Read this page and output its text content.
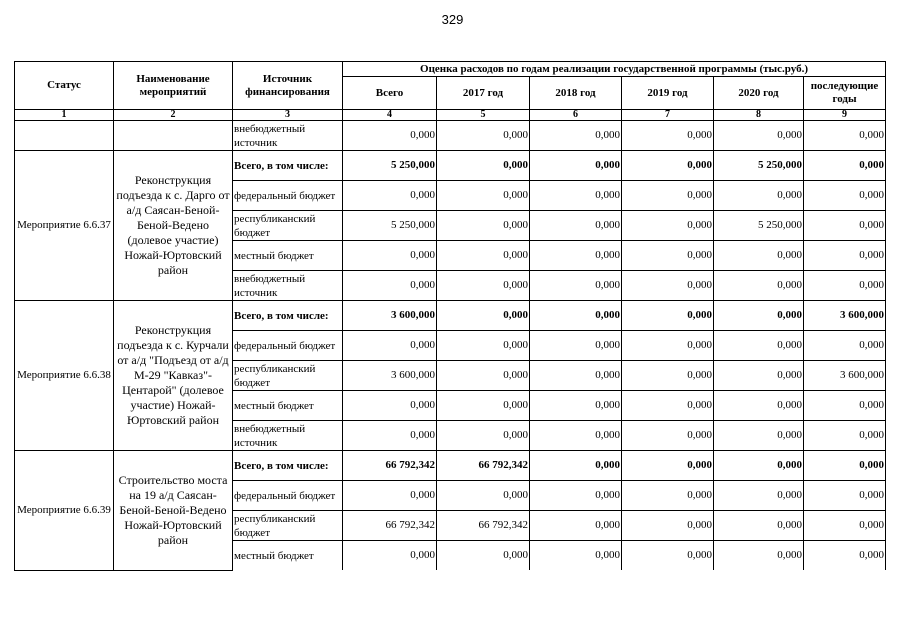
329
Статус	Наименование мероприятий	Источник финансирования	Оценка расходов по годам реализации государственной программы (тыс.руб.)					
			Всего	2017 год	2018 год	2019 год	2020 год	последующие годы
1	2	3	4	5	6	7	8	9
		внебюджетный источник	0,000	0,000	0,000	0,000	0,000	0,000
Мероприятие 6.6.37	Реконструкция подъезда к с. Дарго от а/д Саясан-Беной-Беной-Ведено (долевое участие) Ножай-Юртовский район	Всего, в том числе:	5 250,000	0,000	0,000	0,000	5 250,000	0,000
		федеральный бюджет	0,000	0,000	0,000	0,000	0,000	0,000
		республиканский бюджет	5 250,000	0,000	0,000	0,000	5 250,000	0,000
		местный бюджет	0,000	0,000	0,000	0,000	0,000	0,000
		внебюджетный источник	0,000	0,000	0,000	0,000	0,000	0,000
Мероприятие 6.6.38	Реконструкция подъезда к с. Курчали от а/д "Подъезд от а/д М-29 "Кавказ"-Центарой" (долевое участие) Ножай-Юртовский район	Всего, в том числе:	3 600,000	0,000	0,000	0,000	0,000	3 600,000
		федеральный бюджет	0,000	0,000	0,000	0,000	0,000	0,000
		республиканский бюджет	3 600,000	0,000	0,000	0,000	0,000	3 600,000
		местный бюджет	0,000	0,000	0,000	0,000	0,000	0,000
		внебюджетный источник	0,000	0,000	0,000	0,000	0,000	0,000
Мероприятие 6.6.39	Строительство моста на 19 а/д Саясан-Беной-Беной-Ведено Ножай-Юртовский район	Всего, в том числе:	66 792,342	66 792,342	0,000	0,000	0,000	0,000
		федеральный бюджет	0,000	0,000	0,000	0,000	0,000	0,000
		республиканский бюджет	66 792,342	66 792,342	0,000	0,000	0,000	0,000
		местный бюджет	0,000	0,000	0,000	0,000	0,000	0,000
